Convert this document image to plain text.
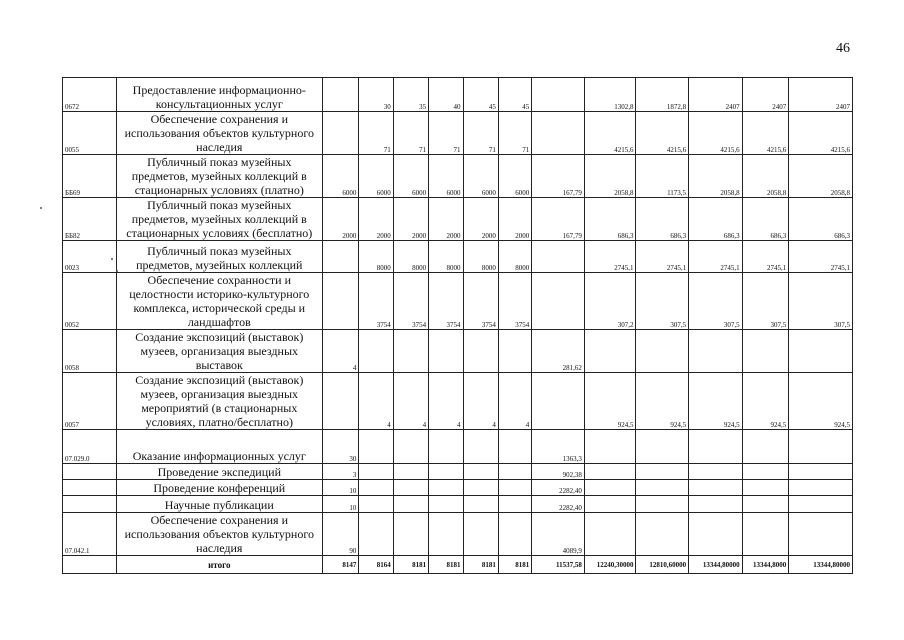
46
0672	Предоставление информационно-консультационных услуг		30	35	40	45	45		1302,8	1872,8	2407	2407	2407
0055	Обеспечение сохранения и использования объектов культурного наследия		71	71	71	71	71		4215,6	4215,6	4215,6	4215,6	4215,6
ББ69	Публичный показ музейных предметов, музейных коллекций в стационарных условиях (платно)	6000	6000	6000	6000	6000	6000	167,79	2058,8	1173,5	2058,8	2058,8	2058,8
ББ82	Публичный показ музейных предметов, музейных коллекций в стационарных условиях (бесплатно)	2000	2000	2000	2000	2000	2000	167,79	686,3	686,3	686,3	686,3	686,3
0023	Публичный показ музейных предметов, музейных коллекций		8000	8000	8000	8000	8000		2745,1	2745,1	2745,1	2745,1	2745,1
0052	Обеспечение сохранности и целостности историко-культурного комплекса, исторической среды и ландшафтов		3754	3754	3754	3754	3754		307,2	307,5	307,5	307,5	307,5
0058	Создание экспозиций (выставок) музеев, организация выездных выставок	4						281,62					
0057	Создание экспозиций (выставок) музеев, организация выездных мероприятий (в стационарных условиях, платно/бесплатно)		4	4	4	4	4		924,5	924,5	924,5	924,5	924,5
07.029.0	Оказание информационных услуг	30						1363,3					
	Проведение экспедиций	3						902,38					
	Проведение конференций	10						2282,40					
	Научные публикации	10						2282,40					
07.042.1	Обеспечение сохранения и использования объектов культурного наследия	90						4089,9					
	итого	8147	8164	8181	8181	8181	8181	11537,58	12240,30000	12810,60000	13344,80000	13344,8000	13344,80000
